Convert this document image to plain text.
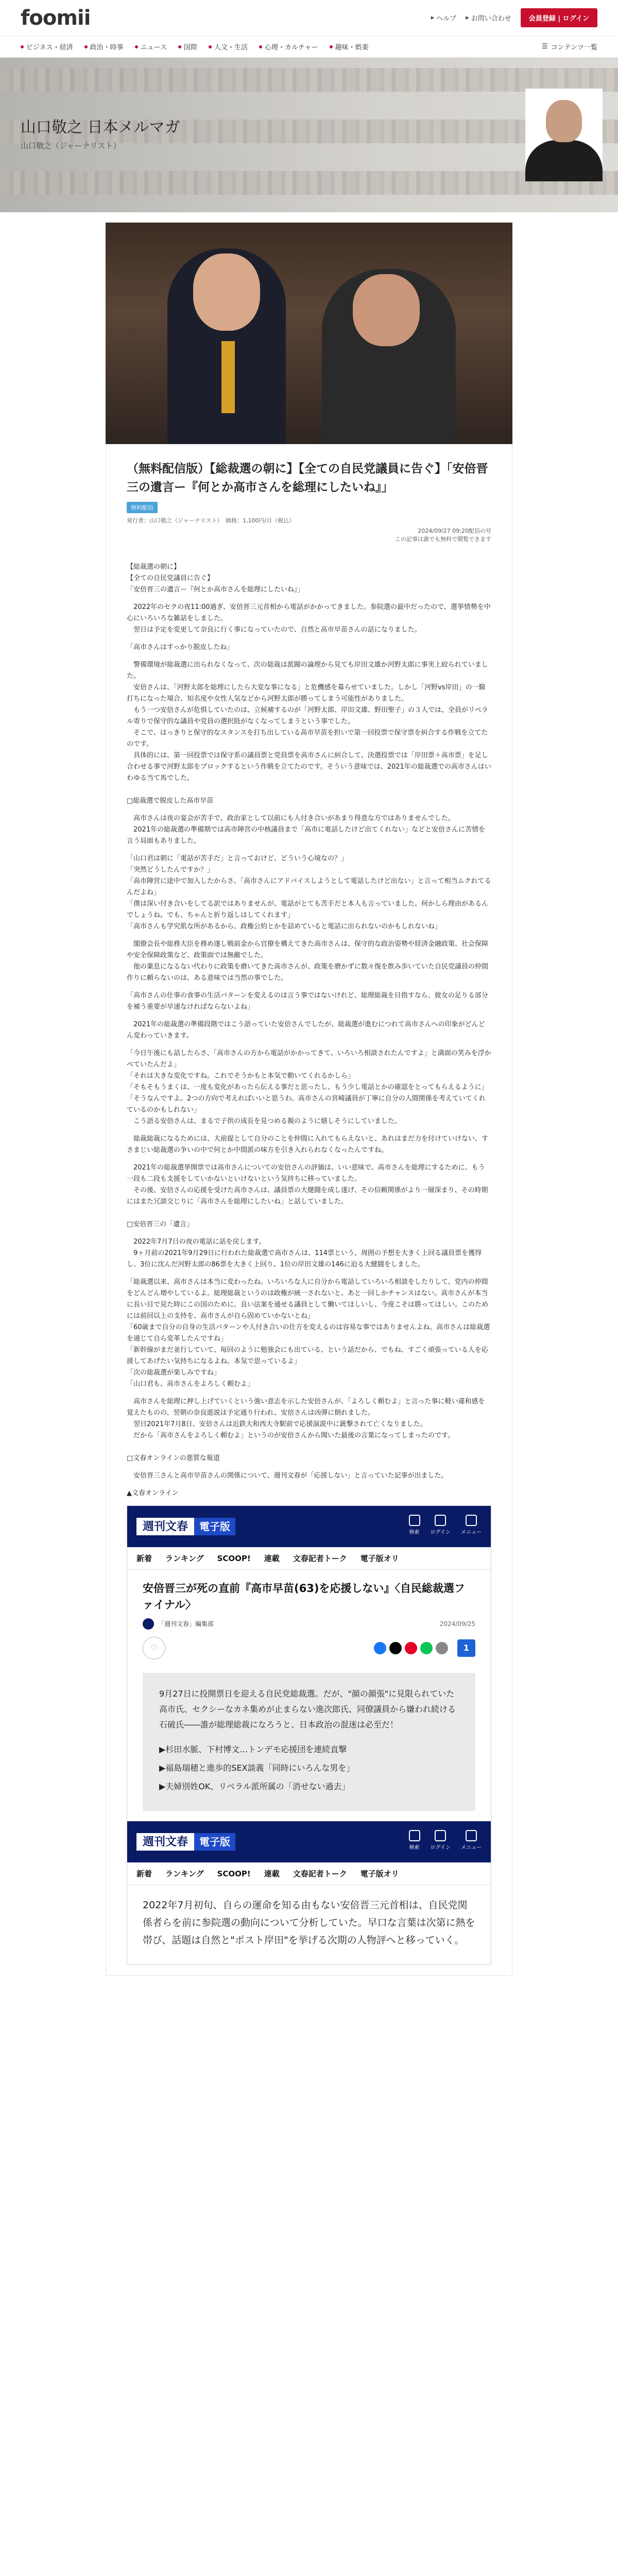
foomii	▸ ヘルプ ▸ お問い合わせ	会員登録 | ログイン
ビジネス・経済	政治・時事	ニュース	国際	人文・生活	心理・カルチャー	趣味・娯楽	☰ コンテンツ一覧
山口敬之 日本メルマガ
山口敬之（ジャーナリスト）
（無料配信版）【総裁選の朝に】【全ての自民党議員に告ぐ】「安倍晋三の遺言ー『何とか高市さんを総理にしたいね』」
無料配信
発行者：山口敬之（ジャーナリスト）　価格：1,100円/月（税込）
2024/09/27 09:20配信の号
この記事は誰でも無料で閲覧できます

【総裁選の朝に】

【全ての自民党議員に告ぐ】

「安倍晋三の遺言ー『何とか高市さんを総理にしたいね』」

　2022年のセクの夜11:00過ぎ、安倍晋三元首相から電話がかかってきました。参院選の最中だったので、選挙情勢を中心にいろいろな雑話をしました。
　翌日は予定を変更して奈良に行く事になっていたので、自然と高市早苗さんの話になりました。

「高市さんはすっかり脱皮したね」

　警備環境が総裁選に出られなくなって、次の総裁は派閥の論理から見ても岸田文雄か河野太郎に事実上絞られていました。
　安倍さんは、「河野太郎を総理にしたら大変な事になる」と危機感を募らせていました。しかし「河野vs岸田」の一騎打ちになった場合、知名度や女性人気などから河野太郎が勝ってしまう可能性がありました。
　もう一つ安倍さんが危惧していたのは、立候補するのが「河野太郎、岸田文雄、野田聖子」の３人では、全員がリベラル寄りで保守的な議員や党員の選択肢がなくなってしまうという事でした。
　そこで、はっきりと保守的なスタンスを打ち出している高市早苗を担いで第一回投票で保守票を糾合する作戦を立てたのです。
　具体的には、第一回投票では保守系の議員票と党員票を高市さんに糾合して、決選投票では「岸田票＋高市票」を足し合わせる事で河野太郎をブロックするという作戦を立てたのです。そういう意味では、2021年の総裁選での高市さんはいわゆる当て馬でした。

□総裁選で脱皮した高市早苗

　高市さんは夜の宴会が苦手で、政治家として以前にも人付き合いがあまり得意な方ではありませんでした。
　2021年の総裁選の準備期では高市陣営の中核議員まで「高市に電話したけど出てくれない」などと安倍さんに苦情を言う局面もありました。

「山口君は朝に「電話が苦手だ」と言っておけど、どういう心境なの？」
「突然どうしたんですか？」
「高市陣営に途中で加入したからさ、「高市さんにアドバイスしようとして電話したけど出ない」と言って相当ムクれてるんだよね」
「僕は深い付き合いをしてる訳ではありませんが、電話がとても苦手だと本人も言っていました。何かしら理由があるんでしょうね。でも、ちゃんと折り返しはしてくれます」
「高市さんも学究肌な所があるから、政権公約とかを詰めていると電話に出られないのかもしれないね」

　閣僚会長や総務大臣を務め遂し戦前金から官僚を構えてきた高市さんは、保守的な政治姿勢や経済金融政策、社会保障や安全保障政策など、政策面では無敵でした。
　他の薬息になるない代わりに政策を磨いてきた高市さんが、政策を磨かずに数々復を飲み歩いていた自民党議員の仲間作りに頼らないのは、ある意味では当然の事でした。

「高市さんの仕事の食事の生活パターンを変えるのは言う事ではないけれど、総理総裁を目指すなら、彼女の足りる部分を補う重要が早速なければならないよね」

　2021年の総裁選の準備段階ではこう語っていた安倍さんでしたが、総裁選が進むにつれて高市さんへの印象がどんどん変わっていきます。

「今日午後にも話したらさ、「高市さんの方から電話がかかってきて、いろいろ相談されたんですよ」と満面の笑みを浮かべていたんだよ」
「それは大きな変化ですね。これでそうかもと本気で動いてくれるかしら」
「そもそもうまくは、一度も変化があったら伝える事だと思ったし、もう少し電話とかの確認をとってもらえるように」
「そうなんですよ。2つの方向で考えればいいと思うわ。高市さんの宮崎議員が丁寧に自分の人間関係を考えていてくれているのかもしれない」
　こう語る安倍さんは、まるで子供の成長を見つめる親のように嬉しそうにしていました。

　総裁総裁になるためには、大前提として自分のことを仲間に入れてもらえないと、あれはまだ力を付けていけない、すさまじい総裁選の争いの中で何とか中間派の味方を引き入れられなくなったんですね。

　2021年の総裁選挙開票では高市さんについての安倍さんの評価は、いい意味で、高市さんを総理にするために、もう一段も二段も支援をしていかないといけないという気持ちに移っていました。
　その後、安倍さんの応援を受けた高市さんは、議員票の大健闘を成し遂げ、その信頼関係がより一層深まり、その時期にはまた冗談交じりに「高市さんを総理にしたいね」と話していました。

□安倍晋三の「遺言」

　2022年7月7日の夜の電話に話を戻します。
　9ヶ月前の2021年9月29日に行われた総裁選で高市さんは、114票という、周囲の予想を大きく上回る議員票を獲得し、3位に沈んだ河野太郎の86票を大きく上回り、1位の岸田文雄の146に迫る大健闘をしました。

「総裁選以来、高市さんは本当に変わったね。いろいろな人に自分から電話していろいろ相談をしたりして、党内の仲間をどんどん増やしているよ。総理総裁というのは政権が統一されないと、あと一回しかチャンスはない。高市さんが本当に長い目で見た時にこの国のために、良い法案を通せる議員として働いてほしいし、今度こそは勝ってほしい。このためには前回以上の支持を、高市さんが自ら固めていかないとね」
「60歳まで自分の自身の生活パターンや人付き合いの仕方を変えるのは容易な事ではありませんよね。高市さんは総裁選を通じて自ら変革したんですね」
「新幹線がまだ並行していて、毎回のように勉強会にも出ている、という話だから、でもね、すごく頑張っている人を応援してあげたい気持ちになるよね。本気で思っているよ」
「次の総裁選が楽しみですね」
「山口君も、高市さんをよろしく頼むよ」

　高市さんを総理に押し上げていくという強い意志を示した安倍さんが、「よろしく頼むよ」と言った事に軽い違和感を覚えたものの、翌朝の奈良遊説は予定通り行われ、安倍さんは凶弾に倒れました。
　翌日2021年7月8日、安倍さんは近鉄大和西大寺駅前で応援演説中に銃撃されて亡くなりました。
　だから「高市さんをよろしく頼むよ」というのが安倍さんから聞いた最後の言葉になってしまったのです。

□文春オンラインの悪質な報道

　安倍晋三さんと高市早苗さんの関係について、週刊文春が「応援しない」と言っていた記事が出ました。

▲文春オンライン

週刊文春	電子版	検索 ログイン メニュー
新着 ランキング SCOOP! 連載 文春記者トーク 電子版オリ
安倍晋三が死の直前『高市早苗(63)を応援しない』〈自民総裁選ファイナル〉
「週刊文春」編集部	2024/09/25
♡	1
9月27日に投開票日を迎える自民党総裁選。だが、"顔の顔張"に見限られていた高市氏、セクシーなカネ集めが止まらない進次郎氏、同僚議員から嫌われ続ける石破氏――誰が総理総裁になろうと、日本政治の混迷は必至だ！
▶杉田水脈、下村博文…トンデモ応援団を連続直撃
▶福島瑞穂と進歩的SEX談義「同時にいろんな男を」
▶夫婦別姓OK、リベラル派所属の「消せない過去」
週刊文春	電子版	検索 ログイン メニュー
新着 ランキング SCOOP! 連載 文春記者トーク 電子版オリ
2022年7月初旬、自らの運命を知る由もない安倍晋三元首相は、自民党関係者らを前に参院選の動向について分析していた。早口な言葉は次第に熱を帯び、話題は自然と"ポスト岸田"を挙げる次期の人物評へと移っていく。
